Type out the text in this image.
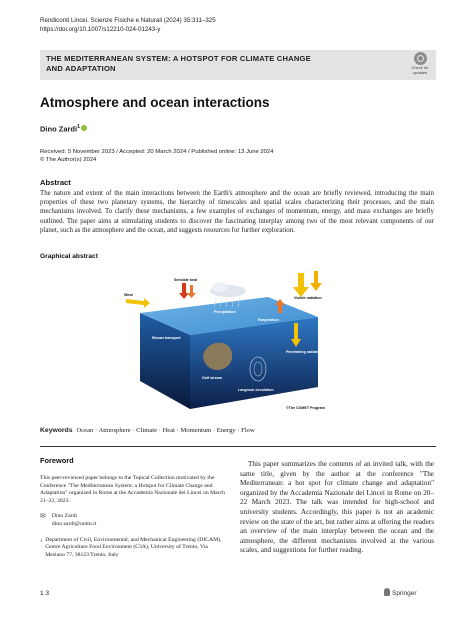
Rendiconti Lincei. Scienze Fisiche e Naturali (2024) 35:311–325
https://doi.org/10.1007/s12210-024-01243-y
THE MEDITERRANEAN SYSTEM: A HOTSPOT FOR CLIMATE CHANGE
AND ADAPTATION	Check for
updates
Atmosphere and ocean interactions
Dino Zardi$^1$
Received: 5 November 2023 / Accepted: 20 March 2024 / Published online: 13 June 2024
© The Author(s) 2024
Abstract
The nature and extent of the main interactions between the Earth's atmosphere and the ocean are briefly reviewed, introducing the main properties of these two planetary systems, the hierarchy of timescales and spatial scales characterizing their processes, and the main mechanisms involved. To clarify these mechanisms, a few examples of exchanges of momentum, energy, and mass exchanges are briefly outlined. The paper aims at stimulating students to discover the fascinating interplay among two of the most relevant components of our planet, such as the atmosphere and the ocean, and suggests resources for further exploration.
Graphical abstract
Wind
Sensible heat
Precipitation
Visible radiation
Evaporation
Ekman transport
Penetrating radiation
Gulf stream
Langmuir circulation
©The COMET Program
Keywords Ocean · Atmosphere · Climate · Heat · Momentum · Energy · Flow
Foreword

This peer-reviewed paper belongs to the Topical Collection motivated by the Conference "The Mediterranean System: a Hotspot for Climate Change and Adaptation" organized in Rome at the Accademia Nazionale dei Lincei on March 21–22, 2023.

✉ Dino Zardi
dino.zardi@unitn.it
1 Department of Civil, Environmental, and Mechanical Engineering (DICAM), Centre Agriculture Food Environment (C3A), University of Trento, Via Mesiano 77, 38123 Trento, Italy
This paper summarizes the contents of an invited talk, with the same title, given by the author at the conference "The Mediterranean: a hot spot for climate change and adaptation" organized by the Accademia Nazionale dei Lincei in Rome on 20–22 March 2023. The talk was intended for high-school and university students. Accordingly, this paper is not an academic review on the state of the art, but rather aims at offering the readers an overview of the main interplay between the ocean and the atmosphere, the different mechanisms involved at the various scales, and suggestions for further reading.
1 3	Springer
